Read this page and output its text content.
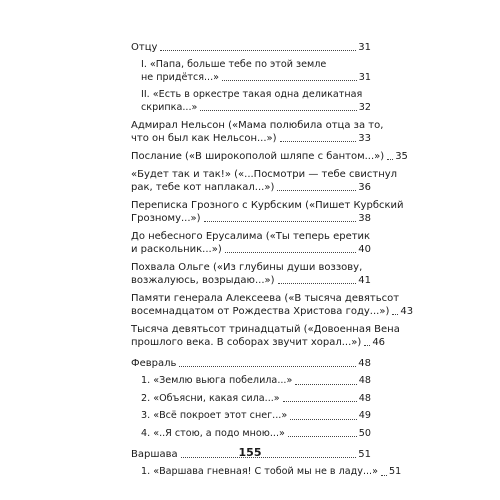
Отцу	31
I. «Папа, больше тебе по этой земле
не придётся...»	31
II. «Есть в оркестре такая одна деликатная
скрипка...»	32
Адмирал Нельсон («Мама полюбила отца за то,
что он был как Нельсон...»)	33
Послание («В широкополой шляпе с бантом...») 35
«Будет так и так!» («...Посмотри — тебе свистнул
рак, тебе кот наплакал...»)	36
Переписка Грозного с Курбским («Пишет Курбский
Грозному...»)	38
До небесного Ерусалима («Ты теперь еретик
и раскольник...»)	40
Похвала Ольге («Из глубины души воззову,
возжалуюсь, возрыдаю...»)	41
Памяти генерала Алексеева («В тысяча девятьсот
восемнадцатом от Рождества Христова году...») 43
Тысяча девятьсот тринадцатый («Довоенная Вена
прошлого века. В соборах звучит хорал...») 46
Февраль	48
1. «Землю вьюга побелила...»	48
2. «Объясни, какая сила...»	48
3. «Всё покроет этот снег...»	49
4. «..Я стою, а подо мною...»	50
Варшава	51
1. «Варшава гневная! С тобой мы не в ладу...» 51
155
